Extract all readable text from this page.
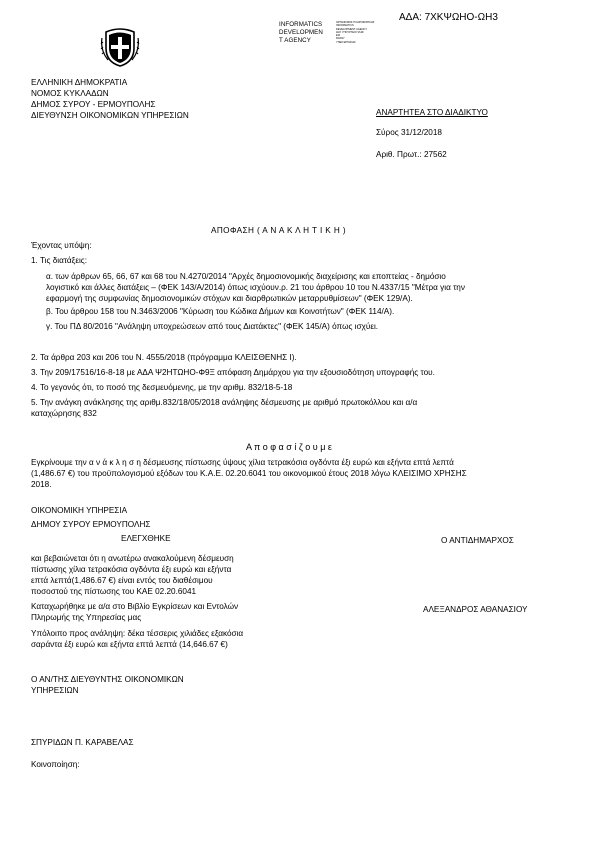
ΑΔΑ: 7ΧΚΨΩΗΟ-ΩΗ3
INFORMATICS
DEVELOPMEN
T AGENCY
ΟΡΓΑΝΙΣΜΟΣ ΠΛΗΡΟΦΟΡΙΚΗΣ
INFORMATICS
DEVELOPMENT AGENCY
ΩΑΥ ΥΠΟΥΡΓΕΙΟ ΨΗΦ
ΕΙΣ
FRANY
ΥΠΕΣ ΕΡΓΑΣΙΑΣ
ΕΛΛΗΝΙΚΗ ΔΗΜΟΚΡΑΤΙΑ
ΝΟΜΟΣ ΚΥΚΛΑΔΩΝ
ΔΗΜΟΣ ΣΥΡΟΥ - ΕΡΜΟΥΠΟΛΗΣ
ΔΙΕΥΘΥΝΣΗ ΟΙΚΟΝΟΜΙΚΩΝ ΥΠΗΡΕΣΙΩΝ	ΑΝΑΡΤΗΤΕΑ ΣΤΟ ΔΙΑΔΙΚΤΥΟ
Σύρος 31/12/2018
Αριθ. Πρωτ.: 27562
ΑΠΟΦΑΣΗ ( Α Ν Α Κ Λ Η Τ Ι Κ Η )
Έχοντας υπόψη:
1. Τις διατάξεις:
α. των άρθρων 65, 66, 67 και 68 του Ν.4270/2014 "Αρχές δημοσιονομικής διαχείρισης και εποπτείας - δημόσιο
λογιστικό και άλλες διατάξεις – (ΦΕΚ 143/Α/2014) όπως ισχύουν.ρ. 21 του άρθρου 10 του Ν.4337/15 "Μέτρα για την
εφαρμογή της συμφωνίας δημοσιονομικών στόχων και διαρθρωτικών μεταρρυθμίσεων" (ΦΕΚ 129/Α).
β. Του άρθρου 158 του Ν.3463/2006 "Κύρωση του Κώδικα Δήμων και Κοινοτήτων" (ΦΕΚ 114/Α).
γ. Του ΠΔ 80/2016 "Ανάληψη υποχρεώσεων από τους Διατάκτες" (ΦΕΚ 145/Α) όπως ισχύει.
2. Τα άρθρα 203 και 206 του Ν. 4555/2018 (πρόγραμμα ΚΛΕΙΣΘΕΝΗΣ Ι).
3. Την 209/17516/16-8-18 με ΑΔΑ Ψ2ΗΤΩΗΟ-Φ9Ξ απόφαση Δημάρχου για την εξουσιοδότηση υπογραφής του.
4. Το γεγονός ότι, το ποσό της δεσμευόμενης, με την αριθμ. 832/18-5-18
5. Την ανάγκη ανάκλησης της αριθμ.832/18/05/2018 ανάληψης δέσμευσης με αριθμό πρωτοκόλλου και α/α
καταχώρησης 832
Α π ο φ α σ ί ζ ο υ μ ε
Εγκρίνουμε την α ν ά κ λ η σ η δέσμευσης πίστωσης ύψους χίλια τετρακόσια ογδόντα έξι ευρώ και εξήντα επτά λεπτά
(1,486.67 €) του προϋπολογισμού εξόδων του Κ.Α.Ε. 02.20.6041 του οικονομικού έτους 2018 λόγω ΚΛΕΙΣΙΜΟ ΧΡΗΣΗΣ
2018.
ΟΙΚΟΝΟΜΙΚΗ ΥΠΗΡΕΣΙΑ
ΔΗΜΟΥ ΣΥΡΟΥ ΕΡΜΟΥΠΟΛΗΣ
ΕΛΕΓΧΘΗΚΕ	Ο ΑΝΤΙΔΗΜΑΡΧΟΣ
και βεβαιώνεται ότι η ανωτέρω ανακαλούμενη δέσμευση
πίστωσης χίλια τετρακόσια ογδόντα έξι ευρώ και εξήντα
επτά λεπτά(1,486.67 €) είναι εντός του διαθέσιμου
ποσοστού της πίστωσης του ΚΑΕ 02.20.6041
Καταχωρήθηκε με α/α στο Βιβλίο Εγκρίσεων και Εντολών
Πληρωμής της Υπηρεσίας μας
ΑΛΕΞΑΝΔΡΟΣ ΑΘΑΝΑΣΙΟΥ
Υπόλοιπο προς ανάληψη: δέκα τέσσερις χιλιάδες εξακόσια
σαράντα έξι ευρώ και εξήντα επτά λεπτά (14,646.67 €)
Ο ΑΝ/ΤΗΣ ΔΙΕΥΘΥΝΤΗΣ ΟΙΚΟΝΟΜΙΚΩΝ
ΥΠΗΡΕΣΙΩΝ
ΣΠΥΡΙΔΩΝ Π. ΚΑΡΑΒΕΛΑΣ
Κοινοποίηση:
